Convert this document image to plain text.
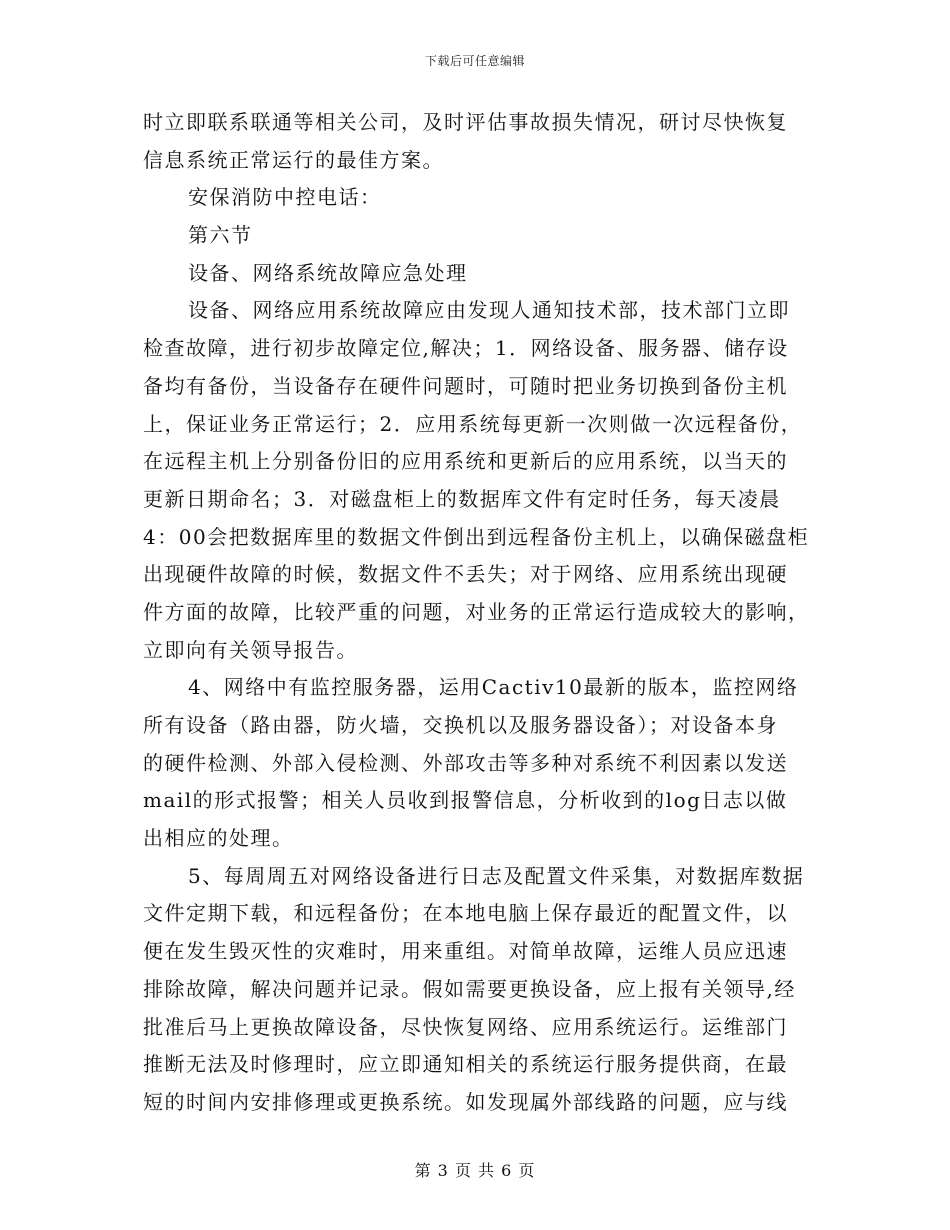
下载后可任意编辑
时立即联系联通等相关公司，及时评估事故损失情况，研讨尽快恢复
信息系统正常运行的最佳方案。
安保消防中控电话：
第六节
设备、网络系统故障应急处理
设备、网络应用系统故障应由发现人通知技术部，技术部门立即
检查故障，进行初步故障定位,解决；1．网络设备、服务器、储存设
备均有备份，当设备存在硬件问题时，可随时把业务切换到备份主机
上，保证业务正常运行；2．应用系统每更新一次则做一次远程备份，
在远程主机上分别备份旧的应用系统和更新后的应用系统，以当天的
更新日期命名；3．对磁盘柜上的数据库文件有定时任务，每天凌晨
4：00会把数据库里的数据文件倒出到远程备份主机上，以确保磁盘柜
出现硬件故障的时候，数据文件不丢失；对于网络、应用系统出现硬
件方面的故障，比较严重的问题，对业务的正常运行造成较大的影响，
立即向有关领导报告。
4、网络中有监控服务器，运用Cactiv10最新的版本，监控网络
所有设备（路由器，防火墙，交换机以及服务器设备）；对设备本身
的硬件检测、外部入侵检测、外部攻击等多种对系统不利因素以发送
mail的形式报警；相关人员收到报警信息，分析收到的log日志以做
出相应的处理。
5、每周周五对网络设备进行日志及配置文件采集，对数据库数据
文件定期下载，和远程备份；在本地电脑上保存最近的配置文件，以
便在发生毁灭性的灾难时，用来重组。对简单故障，运维人员应迅速
排除故障，解决问题并记录。假如需要更换设备，应上报有关领导,经
批准后马上更换故障设备，尽快恢复网络、应用系统运行。运维部门
推断无法及时修理时，应立即通知相关的系统运行服务提供商，在最
短的时间内安排修理或更换系统。如发现属外部线路的问题，应与线
第 3 页 共 6 页
